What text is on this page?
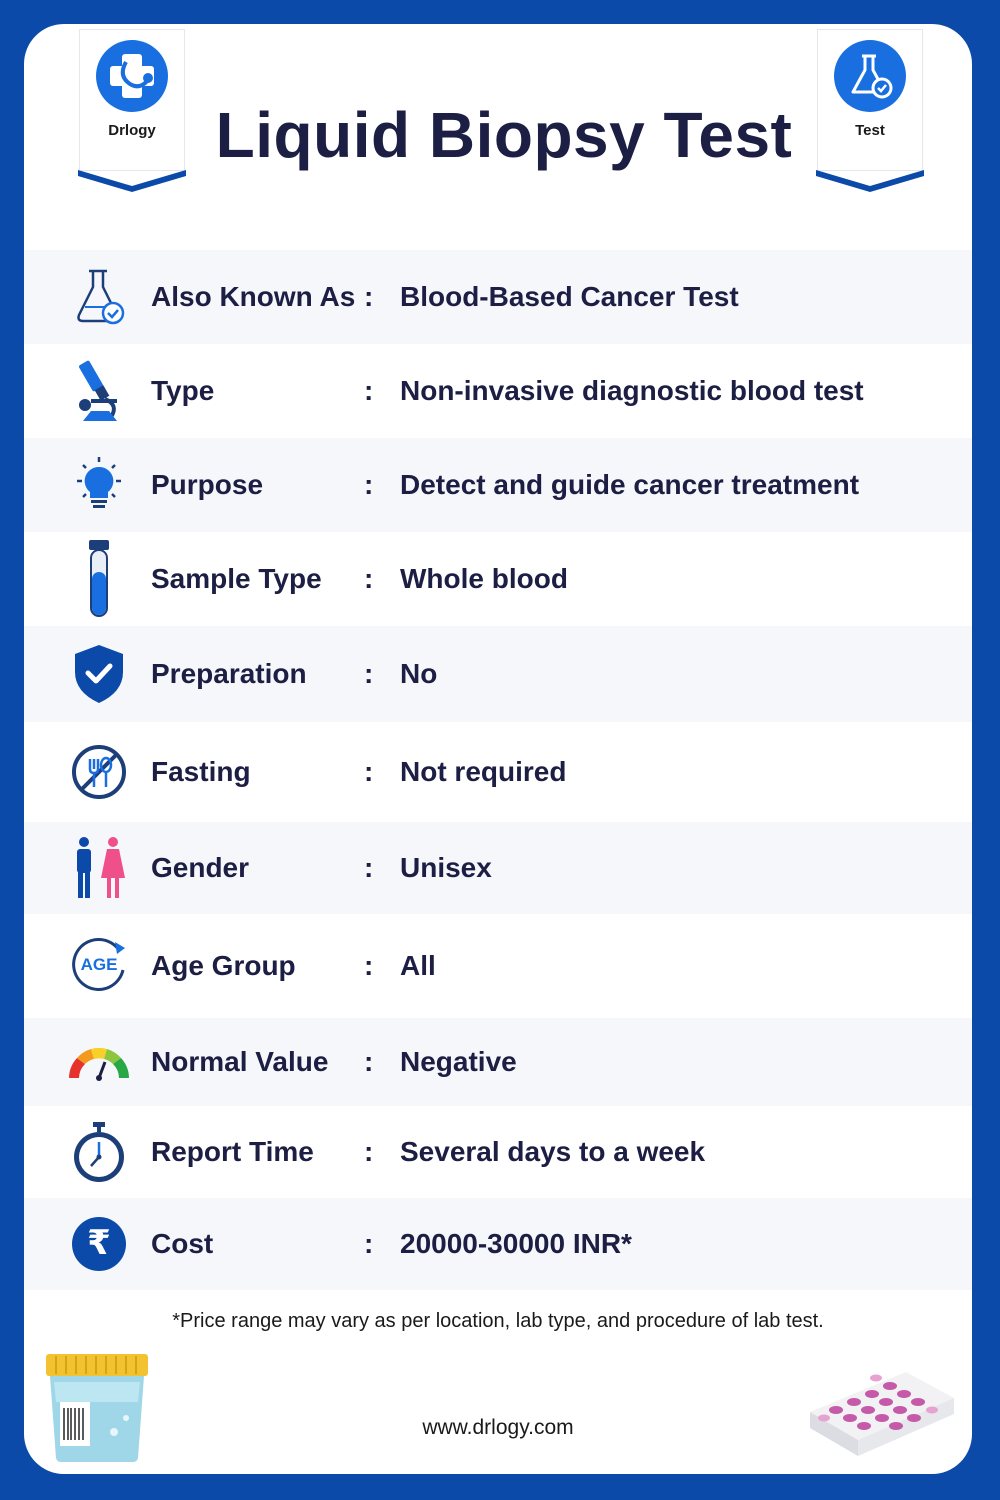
Drlogy Liquid Biopsy Test	Test
Also Known As : Blood-Based Cancer Test
Type	: Non-invasive diagnostic blood test
Purpose	: Detect and guide cancer treatment
Sample Type : Whole blood
Preparation : No
Fasting	: Not required
Gender	: Unisex
AGE	Age Group : All
Normal Value : Negative
Report Time : Several days to a week
₹	Cost	: 20000-30000 INR*
*Price range may vary as per location, lab type, and procedure of lab test.
www.drlogy.com
